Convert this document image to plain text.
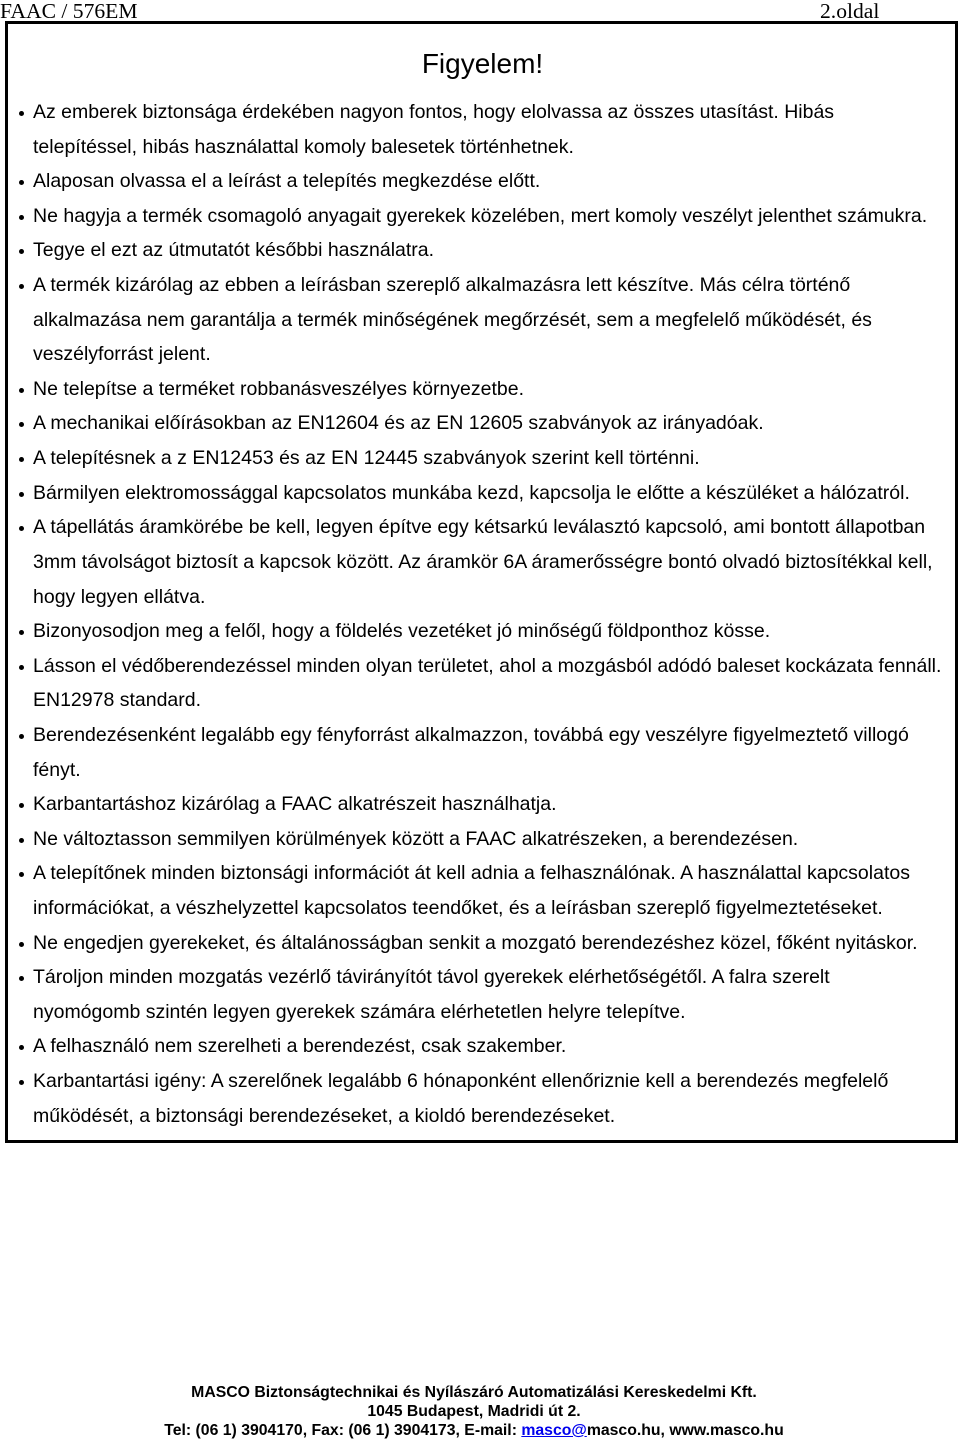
FAAC / 576EM	2.oldal
Figyelem!
Az emberek biztonsága érdekében nagyon fontos, hogy elolvassa az összes utasítást. Hibás
telepítéssel, hibás használattal komoly balesetek történhetnek.
Alaposan olvassa el a leírást a telepítés megkezdése előtt.
Ne hagyja a termék csomagoló anyagait gyerekek közelében, mert komoly veszélyt jelenthet számukra.
Tegye el ezt az útmutatót későbbi használatra.
A termék kizárólag az ebben a leírásban szereplő alkalmazásra lett készítve. Más célra történő
alkalmazása nem garantálja a termék minőségének megőrzését, sem a megfelelő működését, és
veszélyforrást jelent.
Ne telepítse a terméket robbanásveszélyes környezetbe.
A mechanikai előírásokban az EN12604 és az EN 12605 szabványok az irányadóak.
A telepítésnek a z EN12453 és az EN 12445 szabványok szerint kell történni.
Bármilyen elektromossággal kapcsolatos munkába kezd, kapcsolja le előtte a készüléket a hálózatról.
A tápellátás áramkörébe be kell, legyen építve egy kétsarkú leválasztó kapcsoló, ami bontott állapotban
3mm távolságot biztosít a kapcsok között. Az áramkör 6A áramerősségre bontó olvadó biztosítékkal kell,
hogy legyen ellátva.
Bizonyosodjon meg a felől, hogy a földelés vezetéket jó minőségű földponthoz kösse.
Lásson el védőberendezéssel minden olyan területet, ahol a mozgásból adódó baleset kockázata fennáll.
EN12978 standard.
Berendezésenként legalább egy fényforrást alkalmazzon, továbbá egy veszélyre figyelmeztető villogó
fényt.
Karbantartáshoz kizárólag a FAAC alkatrészeit használhatja.
Ne változtasson semmilyen körülmények között a FAAC alkatrészeken, a berendezésen.
A telepítőnek minden biztonsági információt át kell adnia a felhasználónak. A használattal kapcsolatos
információkat, a vészhelyzettel kapcsolatos teendőket, és a leírásban szereplő figyelmeztetéseket.
Ne engedjen gyerekeket, és általánosságban senkit a mozgató berendezéshez közel, főként nyitáskor.
Tároljon minden mozgatás vezérlő távirányítót távol gyerekek elérhetőségétől. A falra szerelt
nyomógomb szintén legyen gyerekek számára elérhetetlen helyre telepítve.
A felhasználó nem szerelheti a berendezést, csak szakember.
Karbantartási igény: A szerelőnek legalább 6 hónaponként ellenőriznie kell a berendezés megfelelő
működését, a biztonsági berendezéseket, a kioldó berendezéseket.
MASCO Biztonságtechnikai és Nyílászáró Automatizálási Kereskedelmi Kft.
1045 Budapest, Madridi út 2.
Tel: (06 1) 3904170, Fax: (06 1) 3904173, E-mail: masco@masco.hu, www.masco.hu
